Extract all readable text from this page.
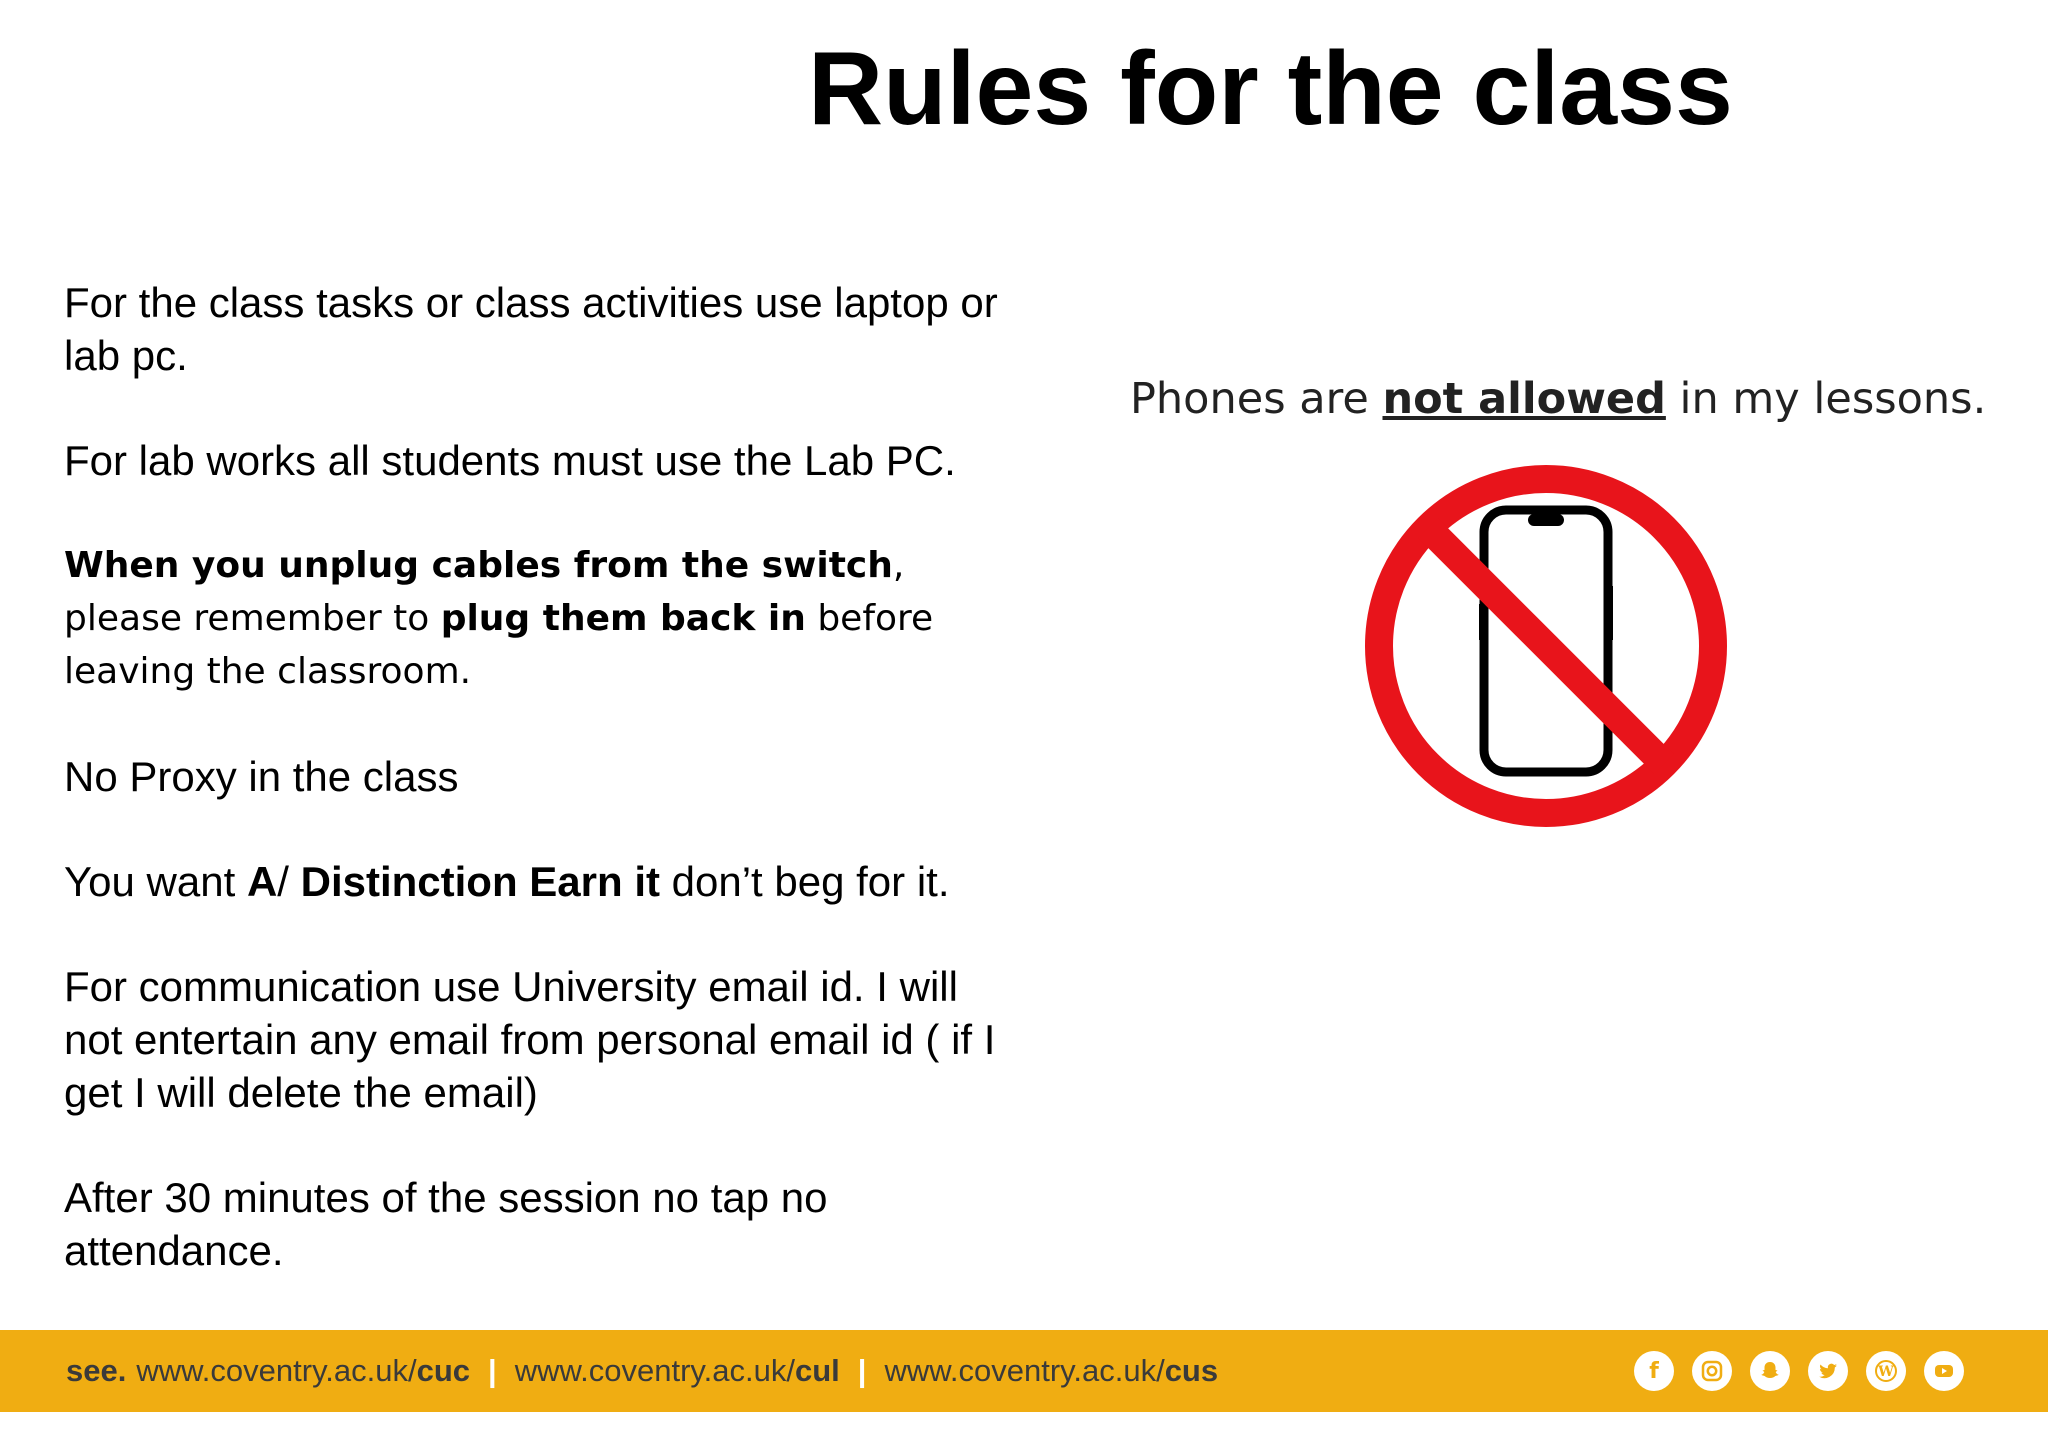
Rules for the class

For the class tasks or class activities use laptop or lab pc.

For lab works all students must use the Lab PC.

When you unplug cables from the switch, please remember to plug them back in before leaving the classroom.

No Proxy in the class

You want A/ Distinction Earn it don’t beg for it.

For communication use University email id. I will not entertain any email from personal email id ( if I get I will delete the email)

After 30 minutes of the session no tap no attendance.

Phones are not allowed in my lessons.
see. www.coventry.ac.uk/cuc | www.coventry.ac.uk/cul | www.coventry.ac.uk/cus	f	W
